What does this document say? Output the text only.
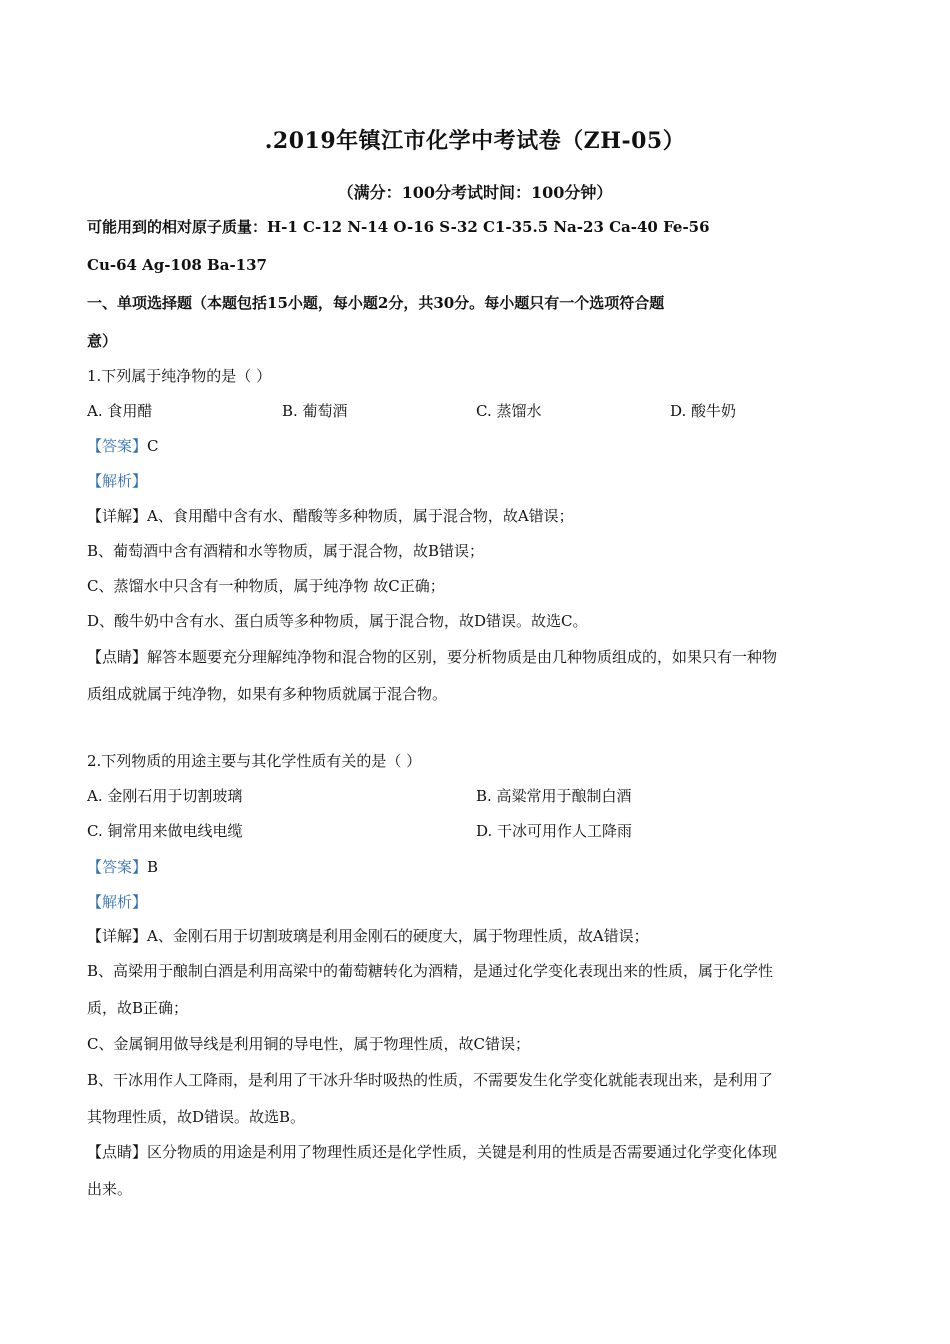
.2019年镇江市化学中考试卷（ZH-05）
（满分：100分考试时间：100分钟）
可能用到的相对原子质量：H-1 C-12 N-14 O-16 S-32 C1-35.5 Na-23 Ca-40 Fe-56
Cu-64 Ag-108 Ba-137
一、单项选择题（本题包括15小题，每小题2分，共30分。每小题只有一个选项符合题
意）
1.下列属于纯净物的是（ ）
A. 食用醋	B. 葡萄酒	C. 蒸馏水	D. 酸牛奶
【答案】C
【解析】
【详解】A、食用醋中含有水、醋酸等多种物质，属于混合物，故A错误；
B、葡萄酒中含有酒精和水等物质，属于混合物，故B错误；
C、蒸馏水中只含有一种物质，属于纯净物 故C正确；
D、酸牛奶中含有水、蛋白质等多种物质，属于混合物，故D错误。故选C。
【点睛】解答本题要充分理解纯净物和混合物的区别，要分析物质是由几种物质组成的，如果只有一种物
质组成就属于纯净物，如果有多种物质就属于混合物。
2.下列物质的用途主要与其化学性质有关的是（ ）
A. 金刚石用于切割玻璃	B. 高粱常用于酿制白酒
C. 铜常用来做电线电缆	D. 干冰可用作人工降雨
【答案】B
【解析】
【详解】A、金刚石用于切割玻璃是利用金刚石的硬度大，属于物理性质，故A错误；
B、高梁用于酿制白酒是利用高梁中的葡萄糖转化为酒精，是通过化学变化表现出来的性质，属于化学性
质，故B正确；
C、金属铜用做导线是利用铜的导电性，属于物理性质，故C错误；
B、干冰用作人工降雨，是利用了干冰升华时吸热的性质，不需要发生化学变化就能表现出来，是利用了
其物理性质，故D错误。故选B。
【点睛】区分物质的用途是利用了物理性质还是化学性质，关键是利用的性质是否需要通过化学变化体现
出来。
